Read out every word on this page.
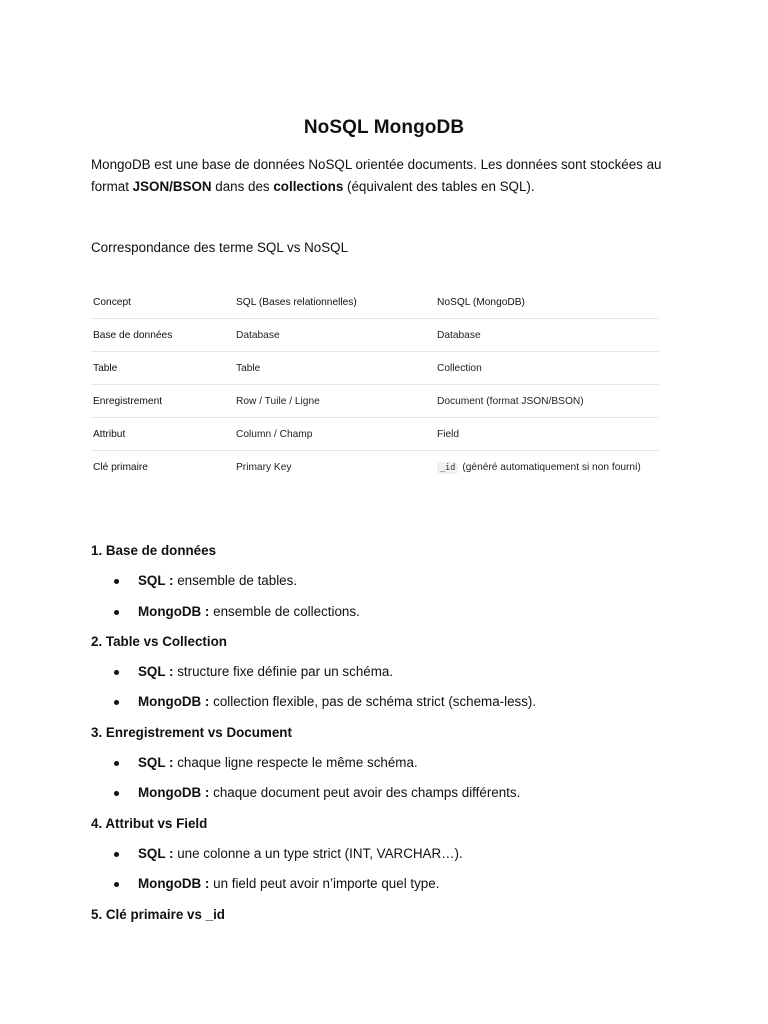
NoSQL MongoDB
MongoDB est une base de données NoSQL orientée documents. Les données sont stockées au format JSON/BSON dans des collections (équivalent des tables en SQL).
Correspondance des terme SQL vs NoSQL
Concept	SQL (Bases relationnelles)	NoSQL (MongoDB)
Base de données	Database	Database
Table	Table	Collection
Enregistrement	Row / Tuile / Ligne	Document (format JSON/BSON)
Attribut	Column / Champ	Field
Clé primaire	Primary Key	_id (généré automatiquement si non fourni)
1. Base de données
SQL : ensemble de tables.
MongoDB : ensemble de collections.
2. Table vs Collection
SQL : structure fixe définie par un schéma.
MongoDB : collection flexible, pas de schéma strict (schema-less).
3. Enregistrement vs Document
SQL : chaque ligne respecte le même schéma.
MongoDB : chaque document peut avoir des champs différents.
4. Attribut vs Field
SQL : une colonne a un type strict (INT, VARCHAR…).
MongoDB : un field peut avoir n’importe quel type.
5. Clé primaire vs _id
